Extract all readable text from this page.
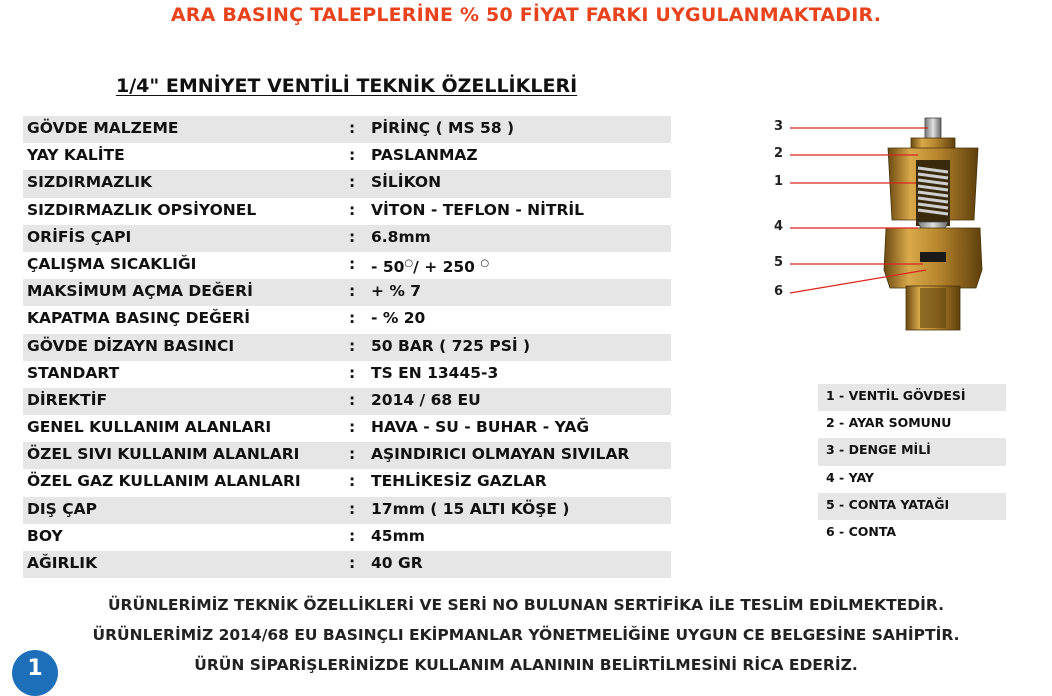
ARA BASINÇ TALEPLERİNE % 50 FİYAT FARKI UYGULANMAKTADIR.
1/4" EMNİYET VENTİLİ TEKNİK ÖZELLİKLERİ
GÖVDE MALZEME	: PİRİNÇ ( MS 58 )
YAY KALİTE	: PASLANMAZ
SIZDIRMAZLIK	: SİLİKON
SIZDIRMAZLIK OPSİYONEL	: VİTON - TEFLON - NİTRİL
ORİFİS ÇAPI	: 6.8mm
ÇALIŞMA SICAKLIĞI	: - 50○/ + 250 ○
MAKSİMUM AÇMA DEĞERİ	: + % 7
KAPATMA BASINÇ DEĞERİ	: - % 20
GÖVDE DİZAYN BASINCI	: 50 BAR ( 725 PSİ )
STANDART	: TS EN 13445-3
DİREKTİF	: 2014 / 68 EU
GENEL KULLANIM ALANLARI	: HAVA - SU - BUHAR - YAĞ
ÖZEL SIVI KULLANIM ALANLARI	: AŞINDIRICI OLMAYAN SIVILAR
ÖZEL GAZ KULLANIM ALANLARI	: TEHLİKESİZ GAZLAR
DIŞ ÇAP	: 17mm ( 15 ALTI KÖŞE )
BOY	: 45mm
AĞIRLIK	: 40 GR
3
2
1
4
5
6
1 - VENTİL GÖVDESİ
2 - AYAR SOMUNU
3 - DENGE MİLİ
4 - YAY
5 - CONTA YATAĞI
6 - CONTA
ÜRÜNLERİMİZ TEKNİK ÖZELLİKLERİ VE SERİ NO BULUNAN SERTİFİKA İLE TESLİM EDİLMEKTEDİR.
ÜRÜNLERİMİZ 2014/68 EU BASINÇLI EKİPMANLAR YÖNETMELİĞİNE UYGUN CE BELGESİNE SAHİPTİR.
ÜRÜN SİPARİŞLERİNİZDE KULLANIM ALANININ BELİRTİLMESİNİ RİCA EDERİZ.
1
